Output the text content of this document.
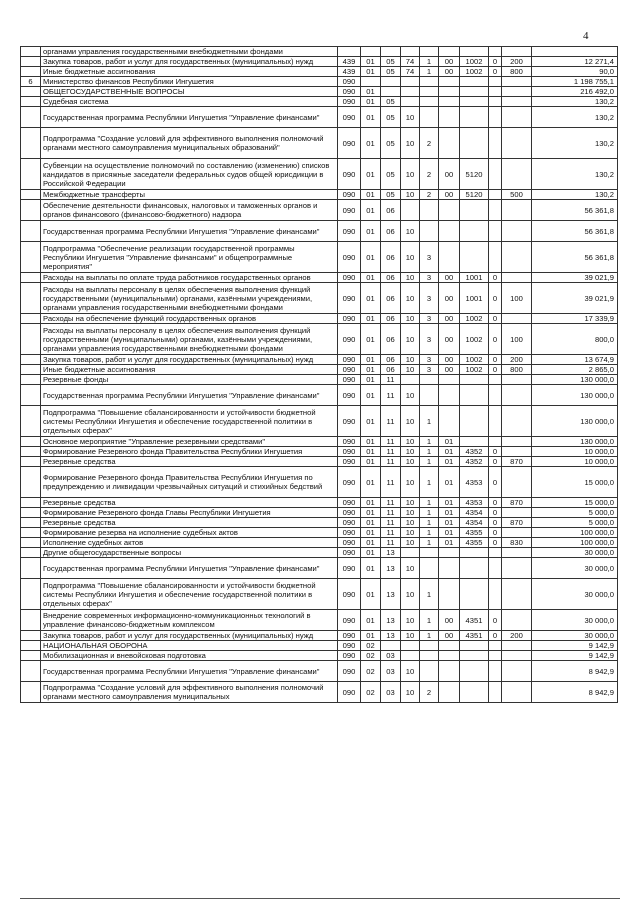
4
	органами управления государственными внебюджетными фондами										
	Закупка товаров, работ и услуг для государственных (муниципальных) нужд	439	01	05	74	1	00	1002	0	200	12 271,4
	Иные бюджетные ассигнования	439	01	05	74	1	00	1002	0	800	90,0
6	Министерство финансов Республики Ингушетия	090									1 198 755,1
	ОБЩЕГОСУДАРСТВЕННЫЕ ВОПРОСЫ	090	01								216 492,0
	Судебная система	090	01	05							130,2
	Государственная программа Республики Ингушетия "Управление финансами"	090	01	05	10						130,2
	Подпрограмма "Создание условий для эффективного выполнения полномочий органами местного самоуправления муниципальных образований"	090	01	05	10	2					130,2
	Субвенции на осуществление полномочий по составлению (изменению) списков кандидатов в присяжные заседатели федеральных судов общей юрисдикции в Российской Федерации	090	01	05	10	2	00	5120			130,2
	Межбюджетные трансферты	090	01	05	10	2	00	5120		500	130,2
	Обеспечение деятельности финансовых, налоговых и таможенных органов и органов финансового (финансово-бюджетного) надзора	090	01	06							56 361,8
	Государственная программа Республики Ингушетия "Управление финансами"	090	01	06	10						56 361,8
	Подпрограмма "Обеспечение реализации государственной программы Республики Ингушетия "Управление финансами" и общепрограммные мероприятия"	090	01	06	10	3					56 361,8
	Расходы на выплаты по оплате труда работников государственных органов	090	01	06	10	3	00	1001	0		39 021,9
	Расходы на выплаты персоналу в целях обеспечения выполнения функций государственными (муниципальными) органами, казёнными учреждениями, органами управления государственными внебюджетными фондами	090	01	06	10	3	00	1001	0	100	39 021,9
	Расходы на обеспечение функций государственных органов	090	01	06	10	3	00	1002	0		17 339,9
	Расходы на выплаты персоналу в целях обеспечения выполнения функций государственными (муниципальными) органами, казёнными учреждениями, органами управления государственными внебюджетными фондами	090	01	06	10	3	00	1002	0	100	800,0
	Закупка товаров, работ и услуг для государственных (муниципальных) нужд	090	01	06	10	3	00	1002	0	200	13 674,9
	Иные бюджетные ассигнования	090	01	06	10	3	00	1002	0	800	2 865,0
	Резервные фонды	090	01	11							130 000,0
	Государственная программа Республики Ингушетия "Управление финансами"	090	01	11	10						130 000,0
	Подпрограмма "Повышение сбалансированности и устойчивости бюджетной системы Республики Ингушетия и обеспечение государственной политики в отдельных сферах"	090	01	11	10	1					130 000,0
	Основное мероприятие "Управление резервными средствами"	090	01	11	10	1	01				130 000,0
	Формирование Резервного фонда Правительства Республики Ингушетия	090	01	11	10	1	01	4352	0		10 000,0
	Резервные средства	090	01	11	10	1	01	4352	0	870	10 000,0
	Формирование Резервного фонда Правительства Республики Ингушетия по предупреждению и ликвидации чрезвычайных ситуаций и стихийных бедствий	090	01	11	10	1	01	4353	0		15 000,0
	Резервные средства	090	01	11	10	1	01	4353	0	870	15 000,0
	Формирование Резервного фонда Главы Республики Ингушетия	090	01	11	10	1	01	4354	0		5 000,0
	Резервные средства	090	01	11	10	1	01	4354	0	870	5 000,0
	Формирование резерва на исполнение судебных актов	090	01	11	10	1	01	4355	0		100 000,0
	Исполнение судебных актов	090	01	11	10	1	01	4355	0	830	100 000,0
	Другие общегосударственные вопросы	090	01	13							30 000,0
	Государственная программа Республики Ингушетия "Управление финансами"	090	01	13	10						30 000,0
	Подпрограмма "Повышение сбалансированности и устойчивости бюджетной системы Республики Ингушетия и обеспечение государственной политики в отдельных сферах"	090	01	13	10	1					30 000,0
	Внедрение современных информационно-коммуникационных технологий в управление финансово-бюджетным комплексом	090	01	13	10	1	00	4351	0		30 000,0
	Закупка товаров, работ и услуг для государственных (муниципальных) нужд	090	01	13	10	1	00	4351	0	200	30 000,0
	НАЦИОНАЛЬНАЯ ОБОРОНА	090	02								9 142,9
	Мобилизационная и вневойсковая подготовка	090	02	03							9 142,9
	Государственная программа Республики Ингушетия "Управление финансами"	090	02	03	10						8 942,9
	Подпрограмма "Создание условий для эффективного выполнения полномочий органами местного самоуправления муниципальных	090	02	03	10	2					8 942,9
